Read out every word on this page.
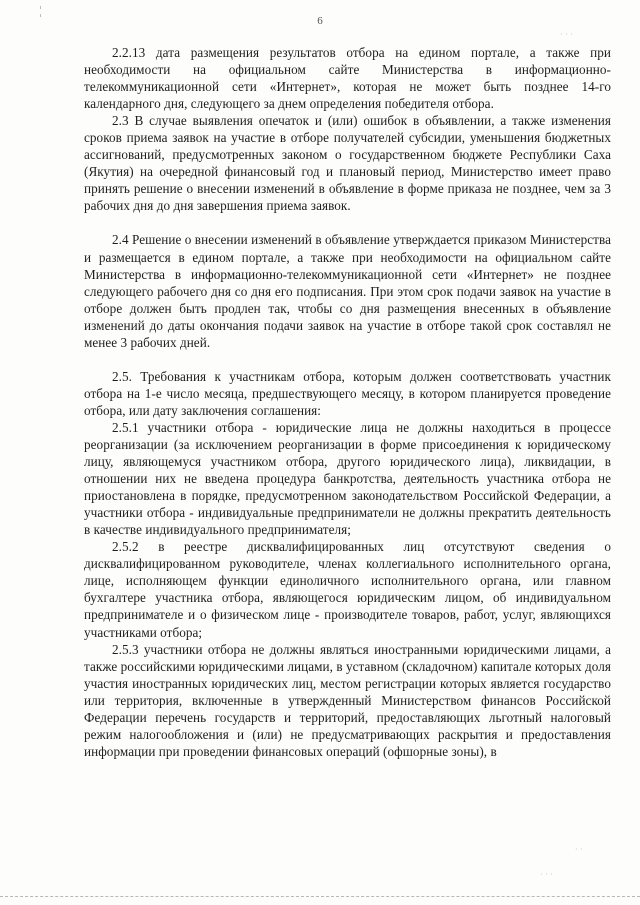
6
· · ·
· ·
· · ·

2.2.13 дата размещения результатов отбора на едином портале, а также при необходимости на официальном сайте Министерства в информационно-телекоммуникационной сети «Интернет», которая не может быть позднее 14-го календарного дня, следующего за днем определения победителя отбора.

2.3 В случае выявления опечаток и (или) ошибок в объявлении, а также изменения сроков приема заявок на участие в отборе получателей субсидии, уменьшения бюджетных ассигнований, предусмотренных законом о государственном бюджете Республики Саха (Якутия) на очередной финансовый год и плановый период, Министерство имеет право принять решение о внесении изменений в объявление в форме приказа не позднее, чем за 3 рабочих дня до дня завершения приема заявок.

2.4 Решение о внесении изменений в объявление утверждается приказом Министерства и размещается в едином портале, а также при необходимости на официальном сайте Министерства в информационно-телекоммуникационной сети «Интернет» не позднее следующего рабочего дня со дня его подписания. При этом срок подачи заявок на участие в отборе должен быть продлен так, чтобы со дня размещения внесенных в объявление изменений до даты окончания подачи заявок на участие в отборе такой срок составлял не менее 3 рабочих дней.

2.5. Требования к участникам отбора, которым должен соответствовать участник отбора на 1-е число месяца, предшествующего месяцу, в котором планируется проведение отбора, или дату заключения соглашения:

2.5.1 участники отбора - юридические лица не должны находиться в процессе реорганизации (за исключением реорганизации в форме присоединения к юридическому лицу, являющемуся участником отбора, другого юридического лица), ликвидации, в отношении них не введена процедура банкротства, деятельность участника отбора не приостановлена в порядке, предусмотренном законодательством Российской Федерации, а участники отбора - индивидуальные предприниматели не должны прекратить деятельность в качестве индивидуального предпринимателя;

2.5.2 в реестре дисквалифицированных лиц отсутствуют сведения о дисквалифицированном руководителе, членах коллегиального исполнительного органа, лице, исполняющем функции единоличного исполнительного органа, или главном бухгалтере участника отбора, являющегося юридическим лицом, об индивидуальном предпринимателе и о физическом лице - производителе товаров, работ, услуг, являющихся участниками отбора;

2.5.3 участники отбора не должны являться иностранными юридическими лицами, а также российскими юридическими лицами, в уставном (складочном) капитале которых доля участия иностранных юридических лиц, местом регистрации которых является государство или территория, включенные в утвержденный Министерством финансов Российской Федерации перечень государств и территорий, предоставляющих льготный налоговый режим налогообложения и (или) не предусматривающих раскрытия и предоставления информации при проведении финансовых операций (офшорные зоны), в
